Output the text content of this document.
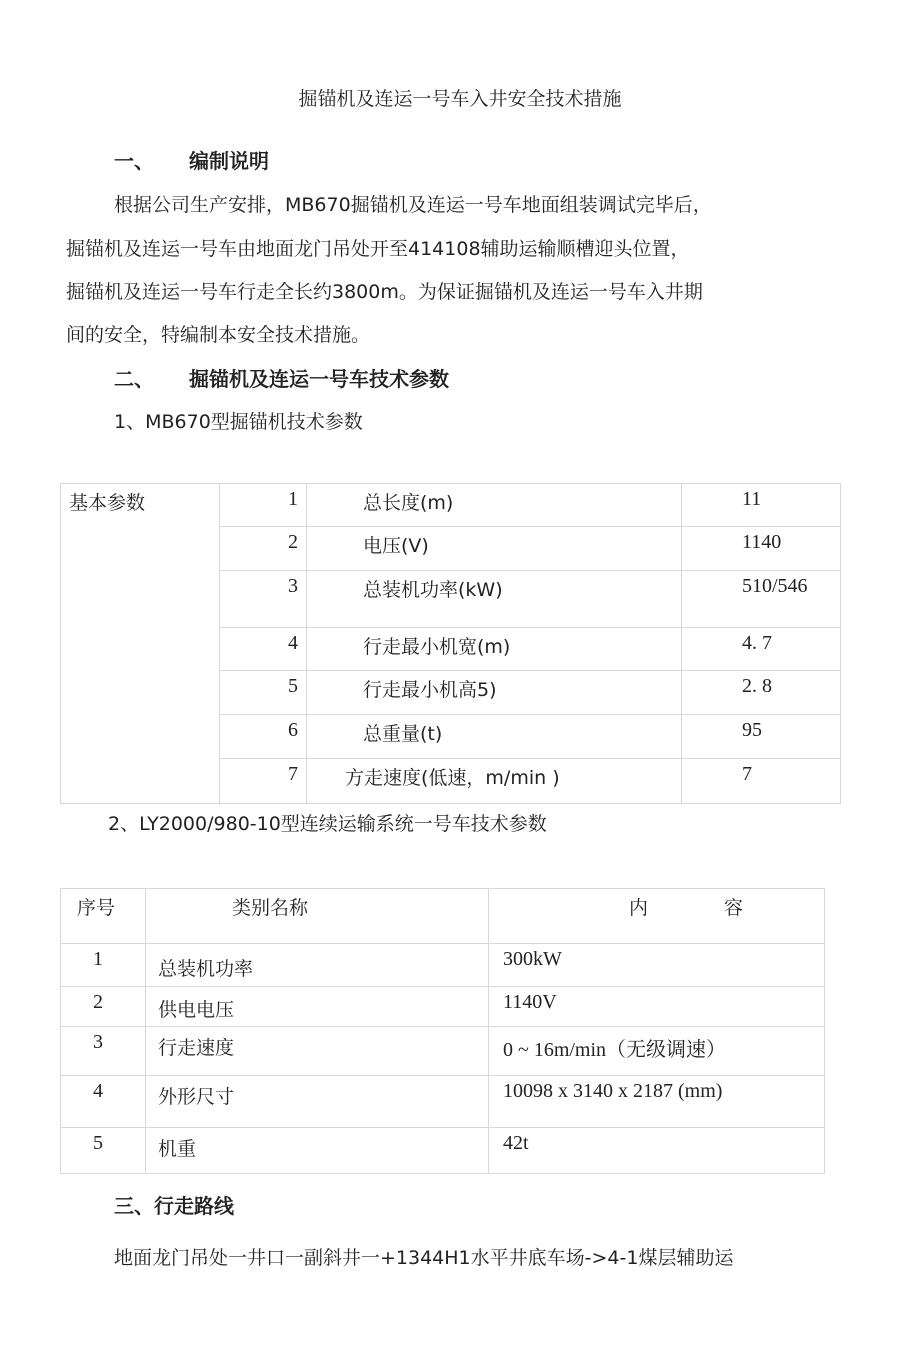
掘锚机及连运一号车入井安全技术措施
一、 编制说明
根据公司生产安排，MB670掘锚机及连运一号车地面组装调试完毕后，
掘锚机及连运一号车由地面龙门吊处开至414108辅助运输顺槽迎头位置，
掘锚机及连运一号车行走全长约3800m。为保证掘锚机及连运一号车入井期
间的安全，特编制本安全技术措施。
二、 掘锚机及连运一号车技术参数
1、MB670型掘锚机技术参数
基本参数	1	总长度(m)	11
	2	电压(V)	1140
	3	总装机功率(kW)	510/546
	4	行走最小机宽(m)	4. 7
	5	行走最小机高5)	2. 8
	6	总重量(t)	95
	7	方走速度(低速，m/min )	7
2、LY2000/980-10型连续运输系统一号车技术参数
序号	类别名称	内　　　　容
1	总装机功率	300kW
2	供电电压	1140V
3	行走速度	0 ~ 16m/min（无级调速）
4	外形尺寸	10098 x 3140 x 2187 (mm)
5	机重	42t
三、行走路线
地面龙门吊处一井口一副斜井一+1344H1水平井底车场->4-1煤层辅助运
